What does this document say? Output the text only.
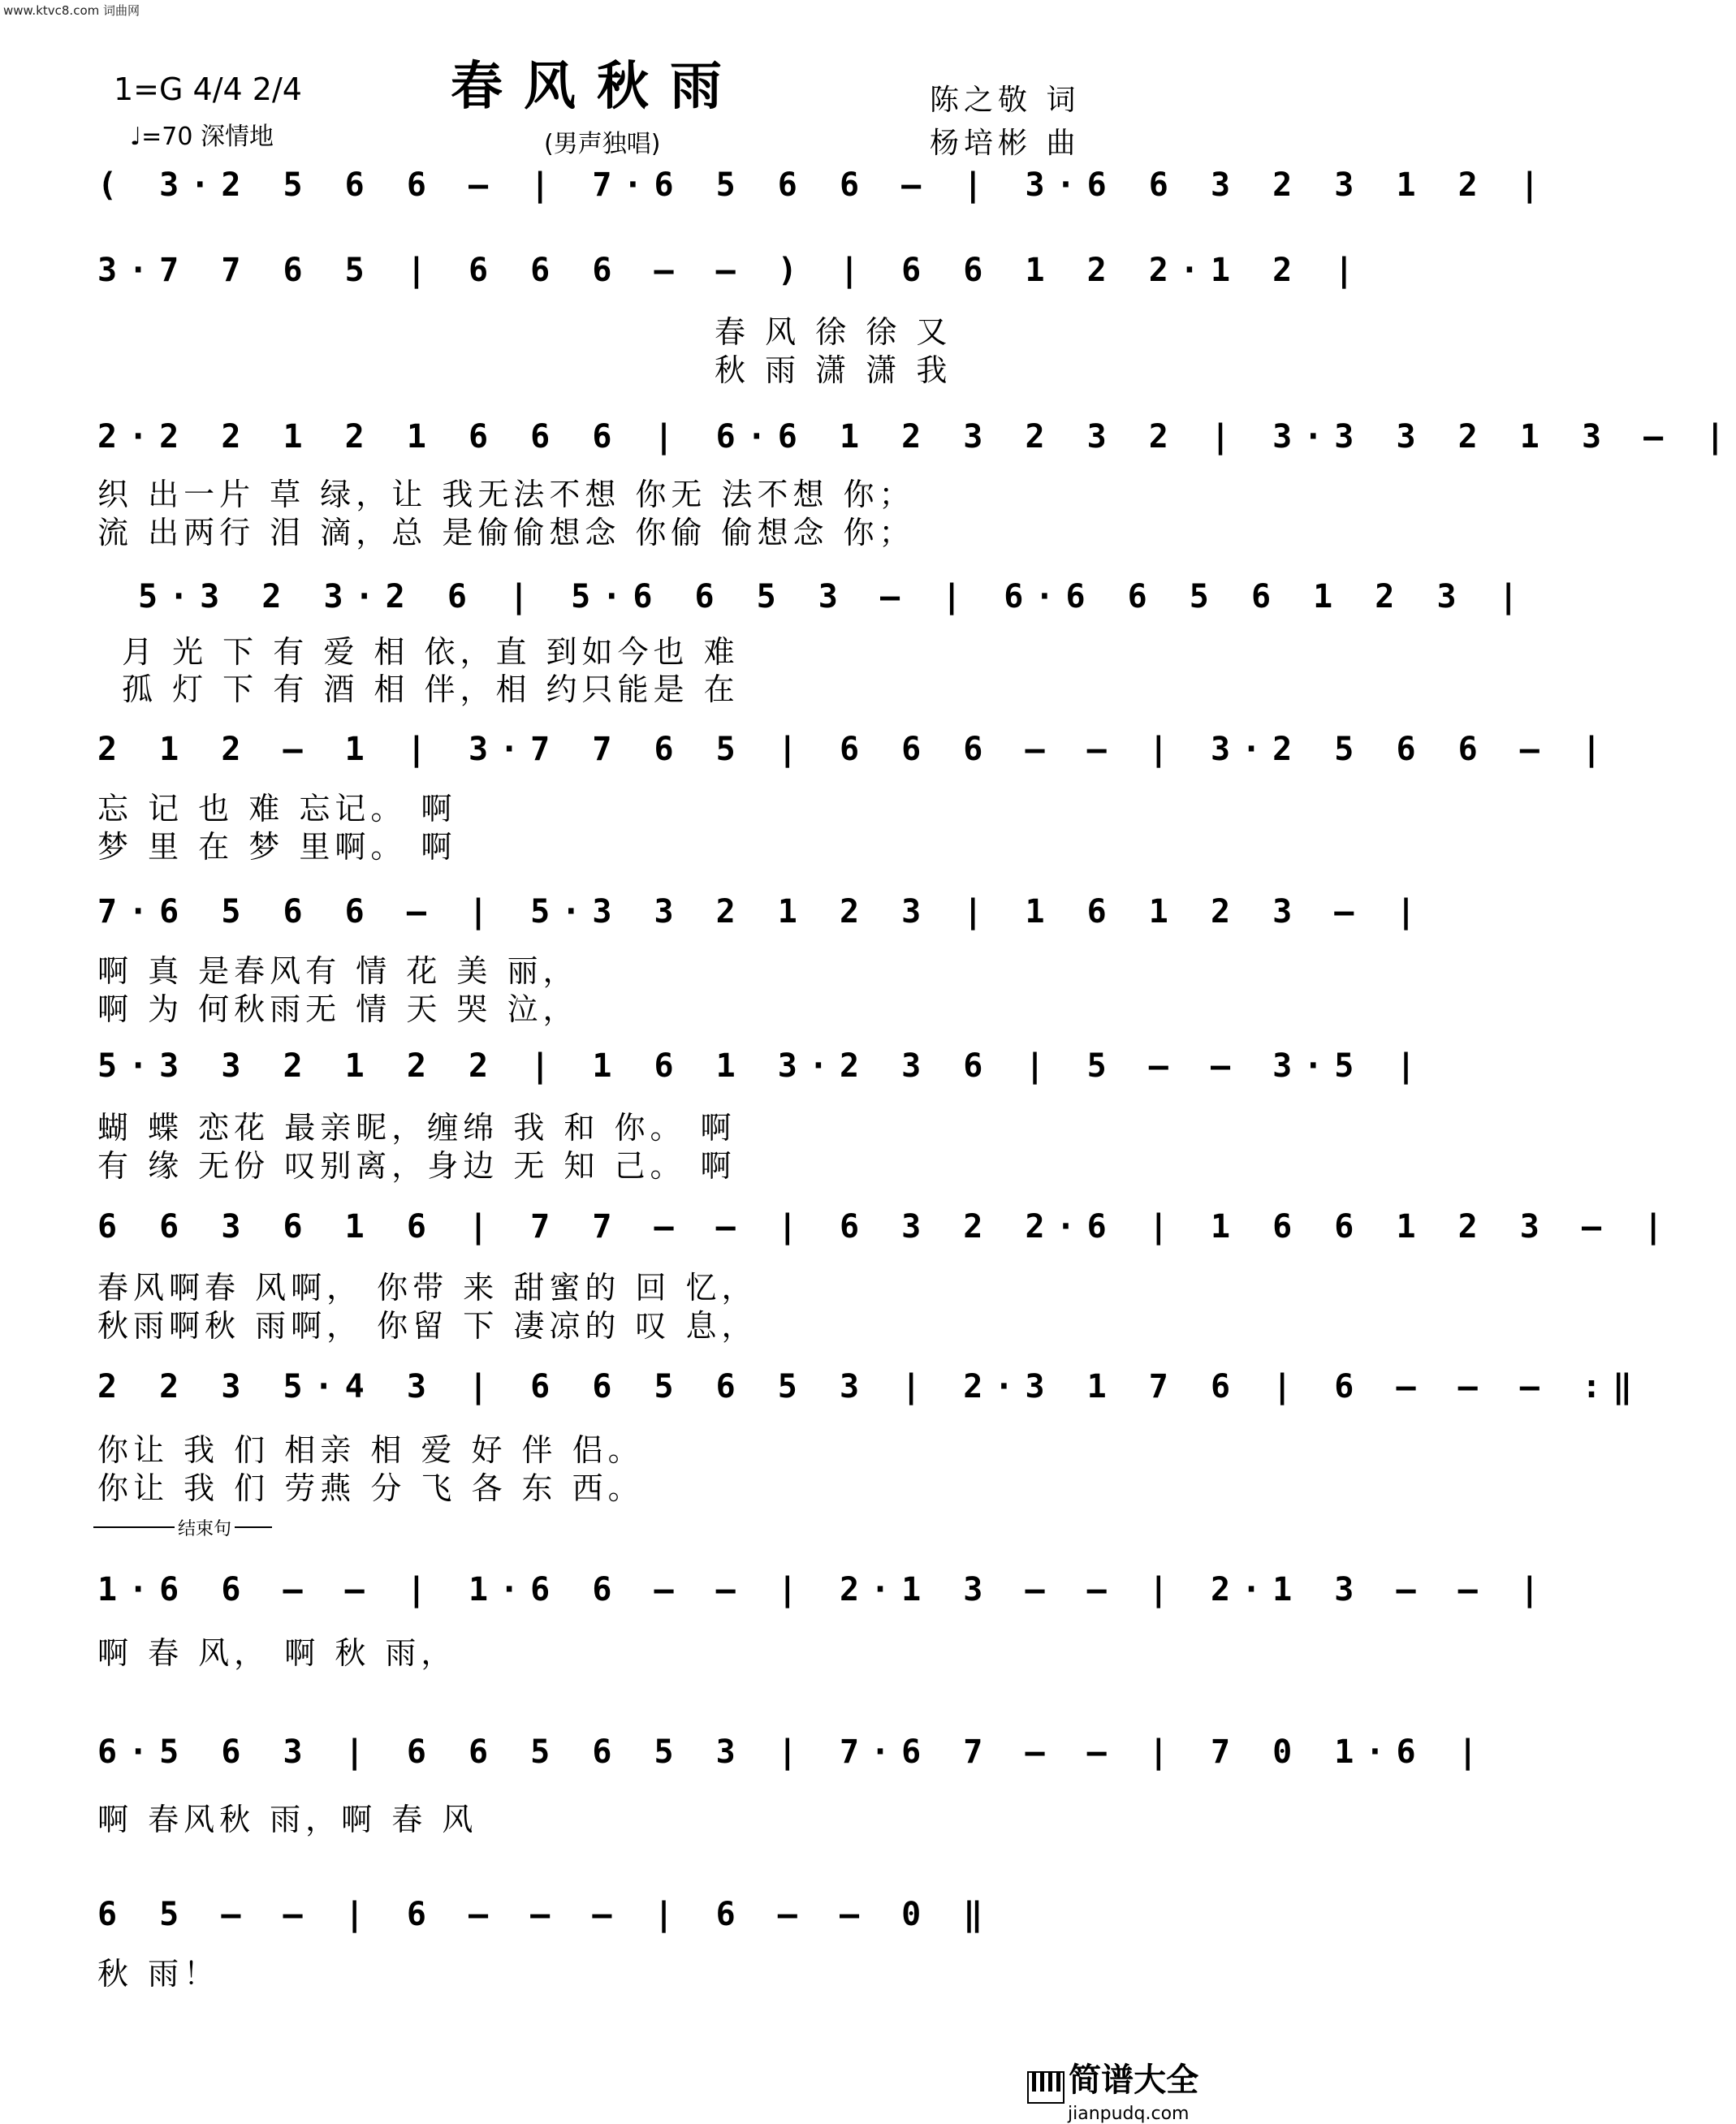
www.ktvc8.com 词曲网
1=G 4/4 2/4
♩=70 深情地
春风秋雨
(男声独唱)
陈之敬 词
杨培彬 曲
( 3·2 5 6 6 — | 7·6 5 6 6 — | 3·6 6 3 2 3 1 2 |
3·7 7 6 5 | 6 6 6 — — ) | 6 6 1 2 2·1 2 |
春 风 徐 徐 又
秋 雨 潇 潇 我
2·2 2 1 2 1 6 6 6 | 6·6 1 2 3 2 3 2 | 3·3 3 2 1 3 — |
织 出一片 草 绿，让 我无法不想 你无 法不想 你；
流 出两行 泪 滴，总 是偷偷想念 你偷 偷想念 你；
5·3 2 3·2 6 | 5·6 6 5 3 — | 6·6 6 5 6 1 2 3 |
月 光 下 有 爱 相 依，直 到如今也 难
孤 灯 下 有 酒 相 伴，相 约只能是 在
2 1 2 — 1 | 3·7 7 6 5 | 6 6 6 — — | 3·2 5 6 6 — |
忘 记 也 难 忘记。 啊
梦 里 在 梦 里啊。 啊
7·6 5 6 6 — | 5·3 3 2 1 2 3 | 1 6 1 2 3 — |
啊 真 是春风有 情 花 美 丽，
啊 为 何秋雨无 情 天 哭 泣，
5·3 3 2 1 2 2 | 1 6 1 3·2 3 6 | 5 — — 3·5 |
蝴 蝶 恋花 最亲昵，缠绵 我 和 你。 啊
有 缘 无份 叹别离，身边 无 知 己。 啊
6 6 3 6 1 6 | 7 7 — — | 6 3 2 2·6 | 1 6 6 1 2 3 — |
春风啊春 风啊， 你带 来 甜蜜的 回 忆，
秋雨啊秋 雨啊， 你留 下 凄凉的 叹 息，
2 2 3 5·4 3 | 6 6 5 6 5 3 | 2·3 1 7 6 | 6 — — — :‖
你让 我 们 相亲 相 爱 好 伴 侣。
你让 我 们 劳燕 分 飞 各 东 西。
结束句
1·6 6 — — | 1·6 6 — — | 2·1 3 — — | 2·1 3 — — |
啊 春 风， 啊 秋 雨，
6·5 6 3 | 6 6 5 6 5 3 | 7·6 7 — — | 7 0 1·6 |
啊 春风秋 雨，啊 春 风
6 5 — — | 6 — — — | 6 — — 0 ‖
秋 雨！
简谱大全
jianpudq.com
